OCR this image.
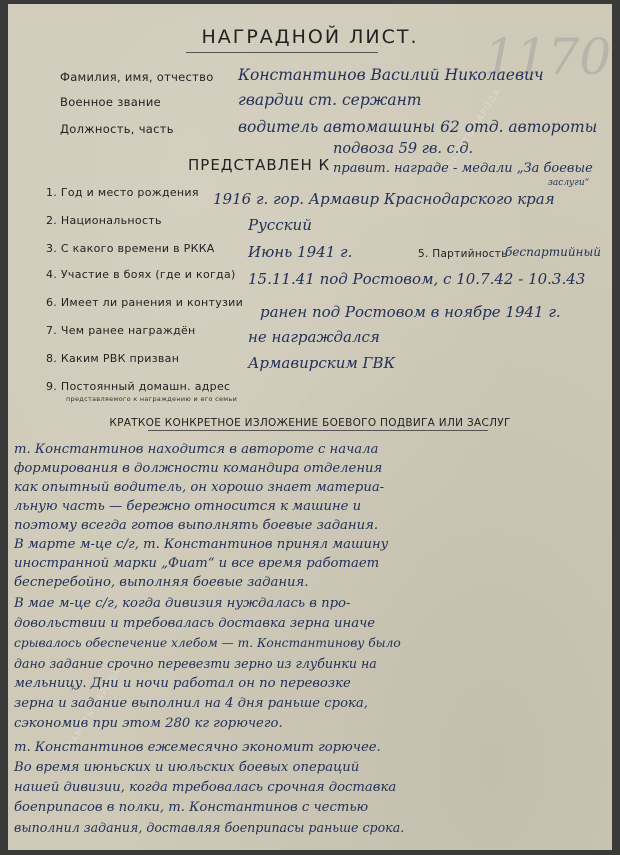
ПАМЯТЬ НАРОДА
ПАМЯТЬ НАРОДА
1170
НАГРАДНОЙ ЛИСТ.
Фамилия, имя, отчество Константинов Василий Николаевич
Военное звание	гвардии ст. сержант
Должность, часть	водитель автомашины 62 отд. автороты
ПРЕДСТАВЛЕН К
подвоза 59 гв. с.д.
правит. награде - медали „За боевые
заслуги“
1. Год и место рождения 1916 г. гор. Армавир Краснодарского края
2. Национальность	Русский
3. С какого времени в РККА Июнь 1941 г.	5. Партийность
беспартийный
4. Участие в боях (где и когда) 15.11.41 под Ростовом, с 10.7.42 - 10.3.43
6. Имеет ли ранения и контузии
ранен под Ростовом в ноябре 1941 г.
7. Чем ранее награждён	не награждался
8. Каким РВК призван	Армавирским ГВК
9. Постоянный домашн. адрес
представляемого к награждению и его семьи
КРАТКОЕ КОНКРЕТНОЕ ИЗЛОЖЕНИЕ БОЕВОГО ПОДВИГА ИЛИ ЗАСЛУГ
т. Константинов находится в автороте с начала
формирования в должности командира отделения
как опытный водитель, он хорошо знает материа-
льную часть — бережно относится к машине и
поэтому всегда готов выполнять боевые задания.
В марте м-це с/г, т. Константинов принял машину
иностранной марки „Фиат“ и все время работает
бесперебойно, выполняя боевые задания.
В мае м-це с/г, когда дивизия нуждалась в про-
довольствии и требовалась доставка зерна иначе
срывалось обеспечение хлебом — т. Константинову было
дано задание срочно перевезти зерно из глубинки на
мельницу. Дни и ночи работал он по перевозке
зерна и задание выполнил на 4 дня раньше срока,
сэкономив при этом 280 кг горючего.
т. Константинов ежемесячно экономит горючее.
Во время июньских и июльских боевых операций
нашей дивизии, когда требовалась срочная доставка
боеприпасов в полки, т. Константинов с честью
выполнил задания, доставляя боеприпасы раньше срока.
